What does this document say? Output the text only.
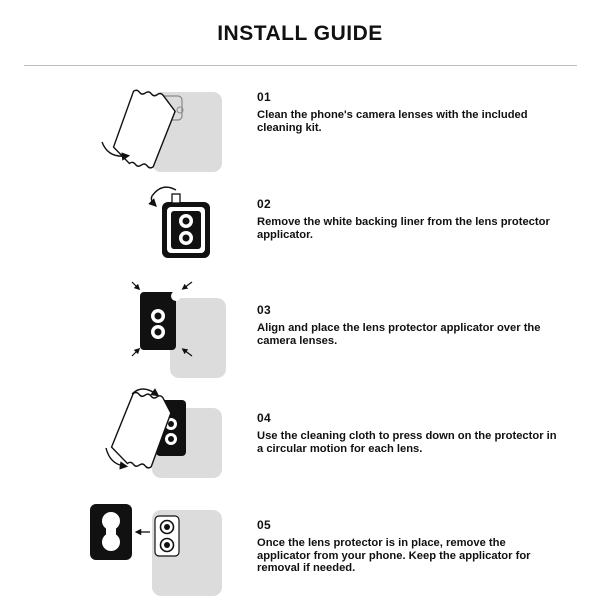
INSTALL GUIDE
01
Clean the phone's camera lenses with the included cleaning kit.
02
Remove the white backing liner from the lens protector applicator.
03
Align and place the lens protector applicator over the camera lenses.
04
Use the cleaning cloth to press down on the protector in a circular motion for each lens.
05
Once the lens protector is in place, remove the applicator from your phone. Keep the applicator for removal if needed.
